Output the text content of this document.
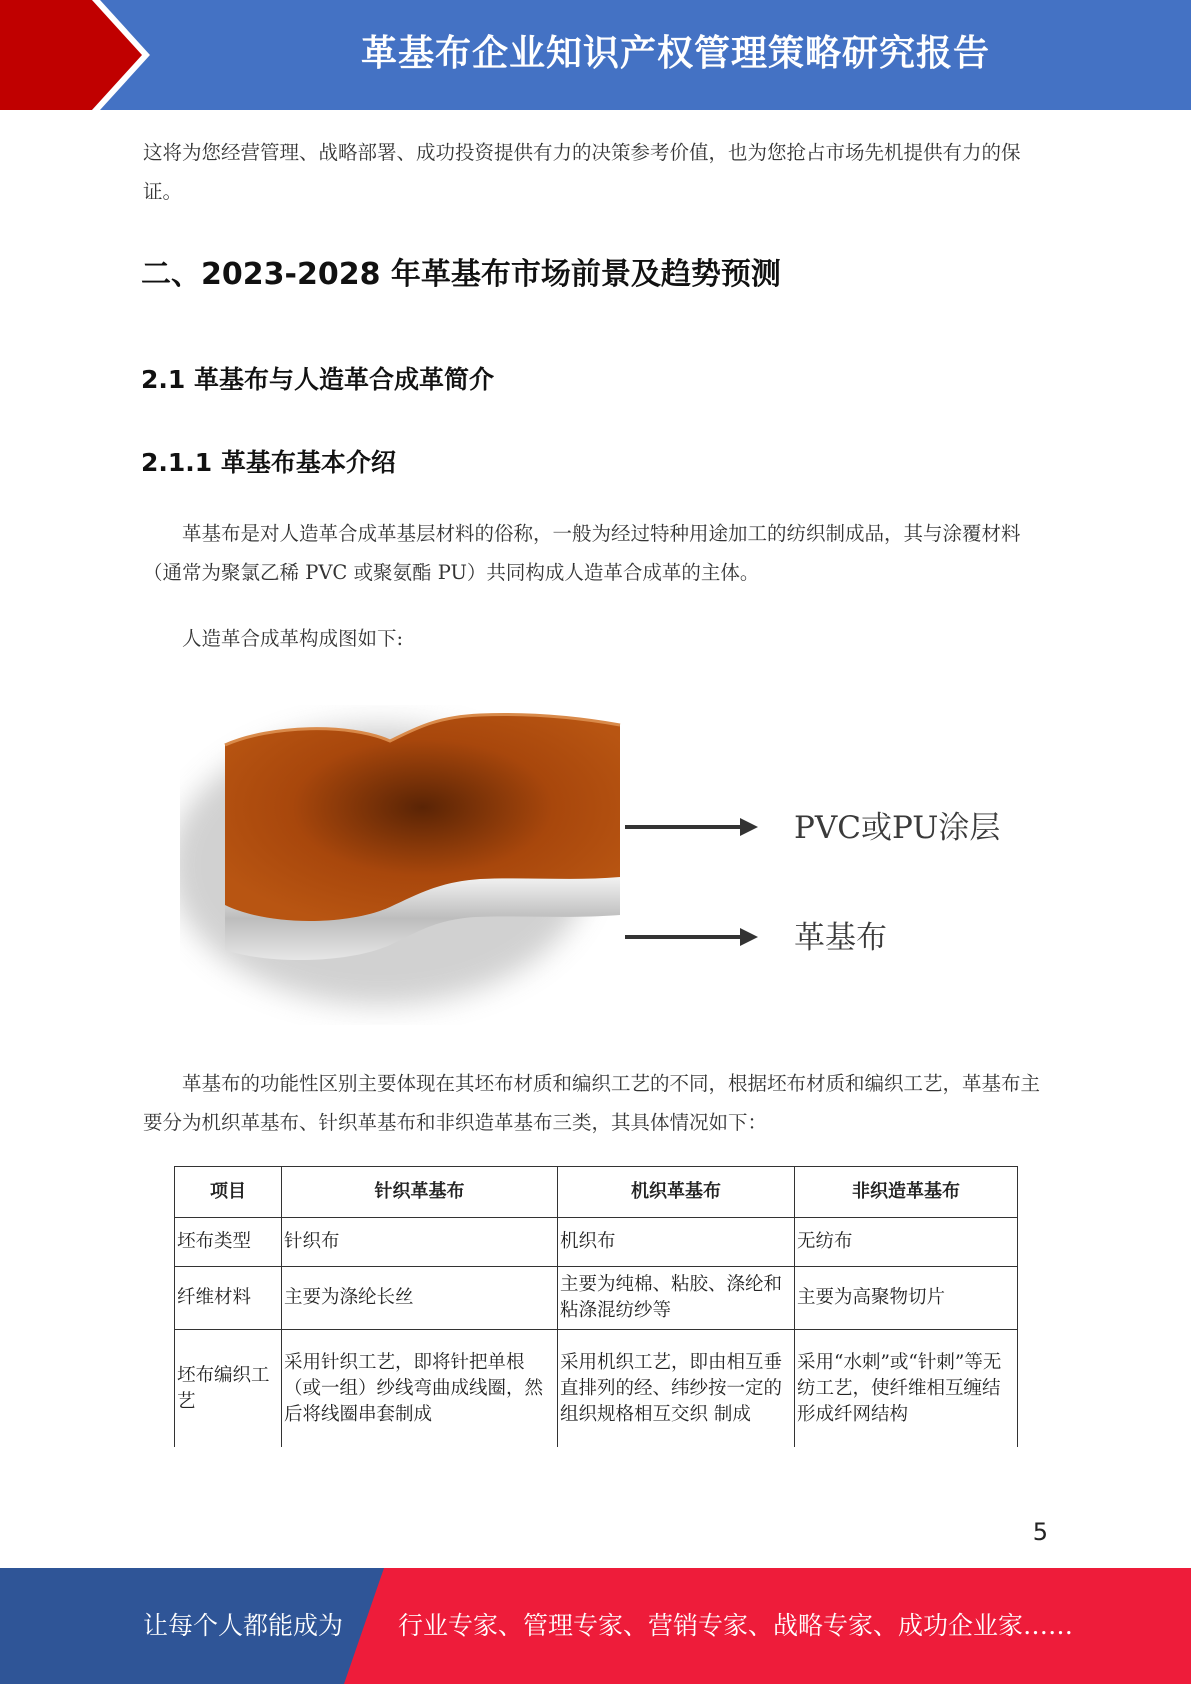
革基布企业知识产权管理策略研究报告
这将为您经营管理、战略部署、成功投资提供有力的决策参考价值，也为您抢占市场先机提供有力的保证。
二、2023-2028 年革基布市场前景及趋势预测
2.1 革基布与人造革合成革简介
2.1.1 革基布基本介绍
革基布是对人造革合成革基层材料的俗称，一般为经过特种用途加工的纺织制成品，其与涂覆材料（通常为聚氯乙稀 PVC 或聚氨酯 PU）共同构成人造革合成革的主体。
人造革合成革构成图如下:
PVC或PU涂层
革基布
革基布的功能性区别主要体现在其坯布材质和编织工艺的不同，根据坯布材质和编织工艺，革基布主要分为机织革基布、针织革基布和非织造革基布三类，其具体情况如下：
项目	针织革基布	机织革基布	非织造革基布
坯布类型	针织布	机织布	无纺布
纤维材料	主要为涤纶长丝	主要为纯棉、粘胶、涤纶和粘涤混纺纱等	主要为高聚物切片
坯布编织工艺	采用针织工艺，即将针把单根（或一组）纱线弯曲成线圈，然后将线圈串套制成	采用机织工艺，即由相互垂直排列的经、纬纱按一定的组织规格相互交织 制成	采用“水刺”或“针刺”等无纺工艺，使纤维相互缠结形成纤网结构
5
让每个人都能成为 行业专家、管理专家、营销专家、战略专家、成功企业家……
